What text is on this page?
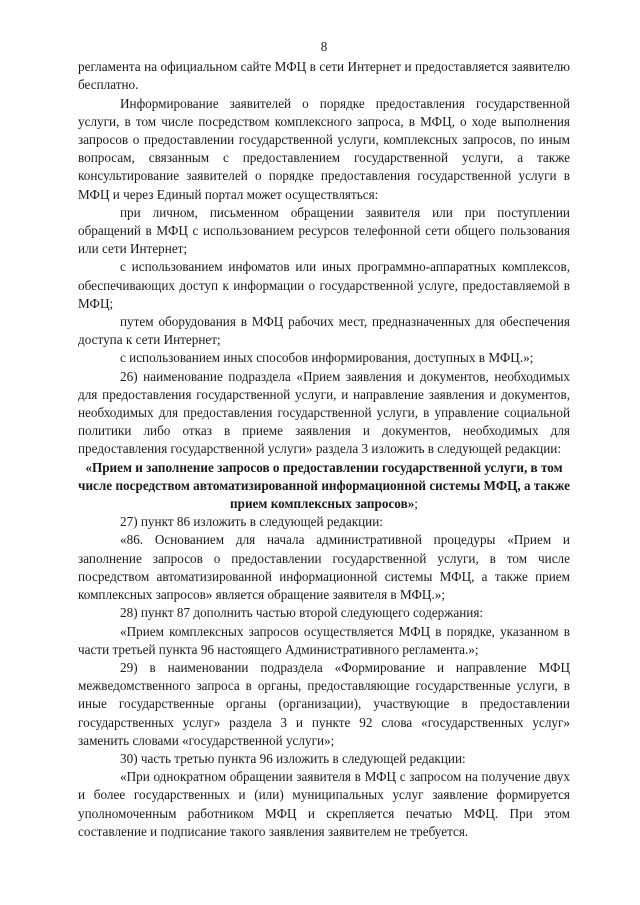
8

регламента на официальном сайте МФЦ в сети Интернет и предоставляется заявителю бесплатно.

Информирование заявителей о порядке предоставления государственной услуги, в том числе посредством комплексного запроса, в МФЦ, о ходе выполнения запросов о предоставлении государственной услуги, комплексных запросов, по иным вопросам, связанным с предоставлением государственной услуги, а также консультирование заявителей о порядке предоставления государственной услуги в МФЦ и через Единый портал может осуществляться:

при личном, письменном обращении заявителя или при поступлении обращений в МФЦ с использованием ресурсов телефонной сети общего пользования или сети Интернет;

с использованием инфоматов или иных программно-аппаратных комплексов, обеспечивающих доступ к информации о государственной услуге, предоставляемой в МФЦ;

путем оборудования в МФЦ рабочих мест, предназначенных для обеспечения доступа к сети Интернет;

с использованием иных способов информирования, доступных в МФЦ.»;

26) наименование подраздела «Прием заявления и документов, необходимых для предоставления государственной услуги, и направление заявления и документов, необходимых для предоставления государственной услуги, в управление социальной политики либо отказ в приеме заявления и документов, необходимых для предоставления государственной услуги» раздела 3 изложить в следующей редакции:

«Прием и заполнение запросов о предоставлении государственной услуги, в том числе посредством автоматизированной информационной системы МФЦ, а также прием комплексных запросов»;

27) пункт 86 изложить в следующей редакции:

«86. Основанием для начала административной процедуры «Прием и заполнение запросов о предоставлении государственной услуги, в том числе посредством автоматизированной информационной системы МФЦ, а также прием комплексных запросов» является обращение заявителя в МФЦ.»;

28) пункт 87 дополнить частью второй следующего содержания:

«Прием комплексных запросов осуществляется МФЦ в порядке, указанном в части третьей пункта 96 настоящего Административного регламента.»;

29) в наименовании подраздела «Формирование и направление МФЦ межведомственного запроса в органы, предоставляющие государственные услуги, в иные государственные органы (организации), участвующие в предоставлении государственных услуг» раздела 3 и пункте 92 слова «государственных услуг» заменить словами «государственной услуги»;

30) часть третью пункта 96 изложить в следующей редакции:

«При однократном обращении заявителя в МФЦ с запросом на получение двух и более государственных и (или) муниципальных услуг заявление формируется уполномоченным работником МФЦ и скрепляется печатью МФЦ. При этом составление и подписание такого заявления заявителем не требуется.
